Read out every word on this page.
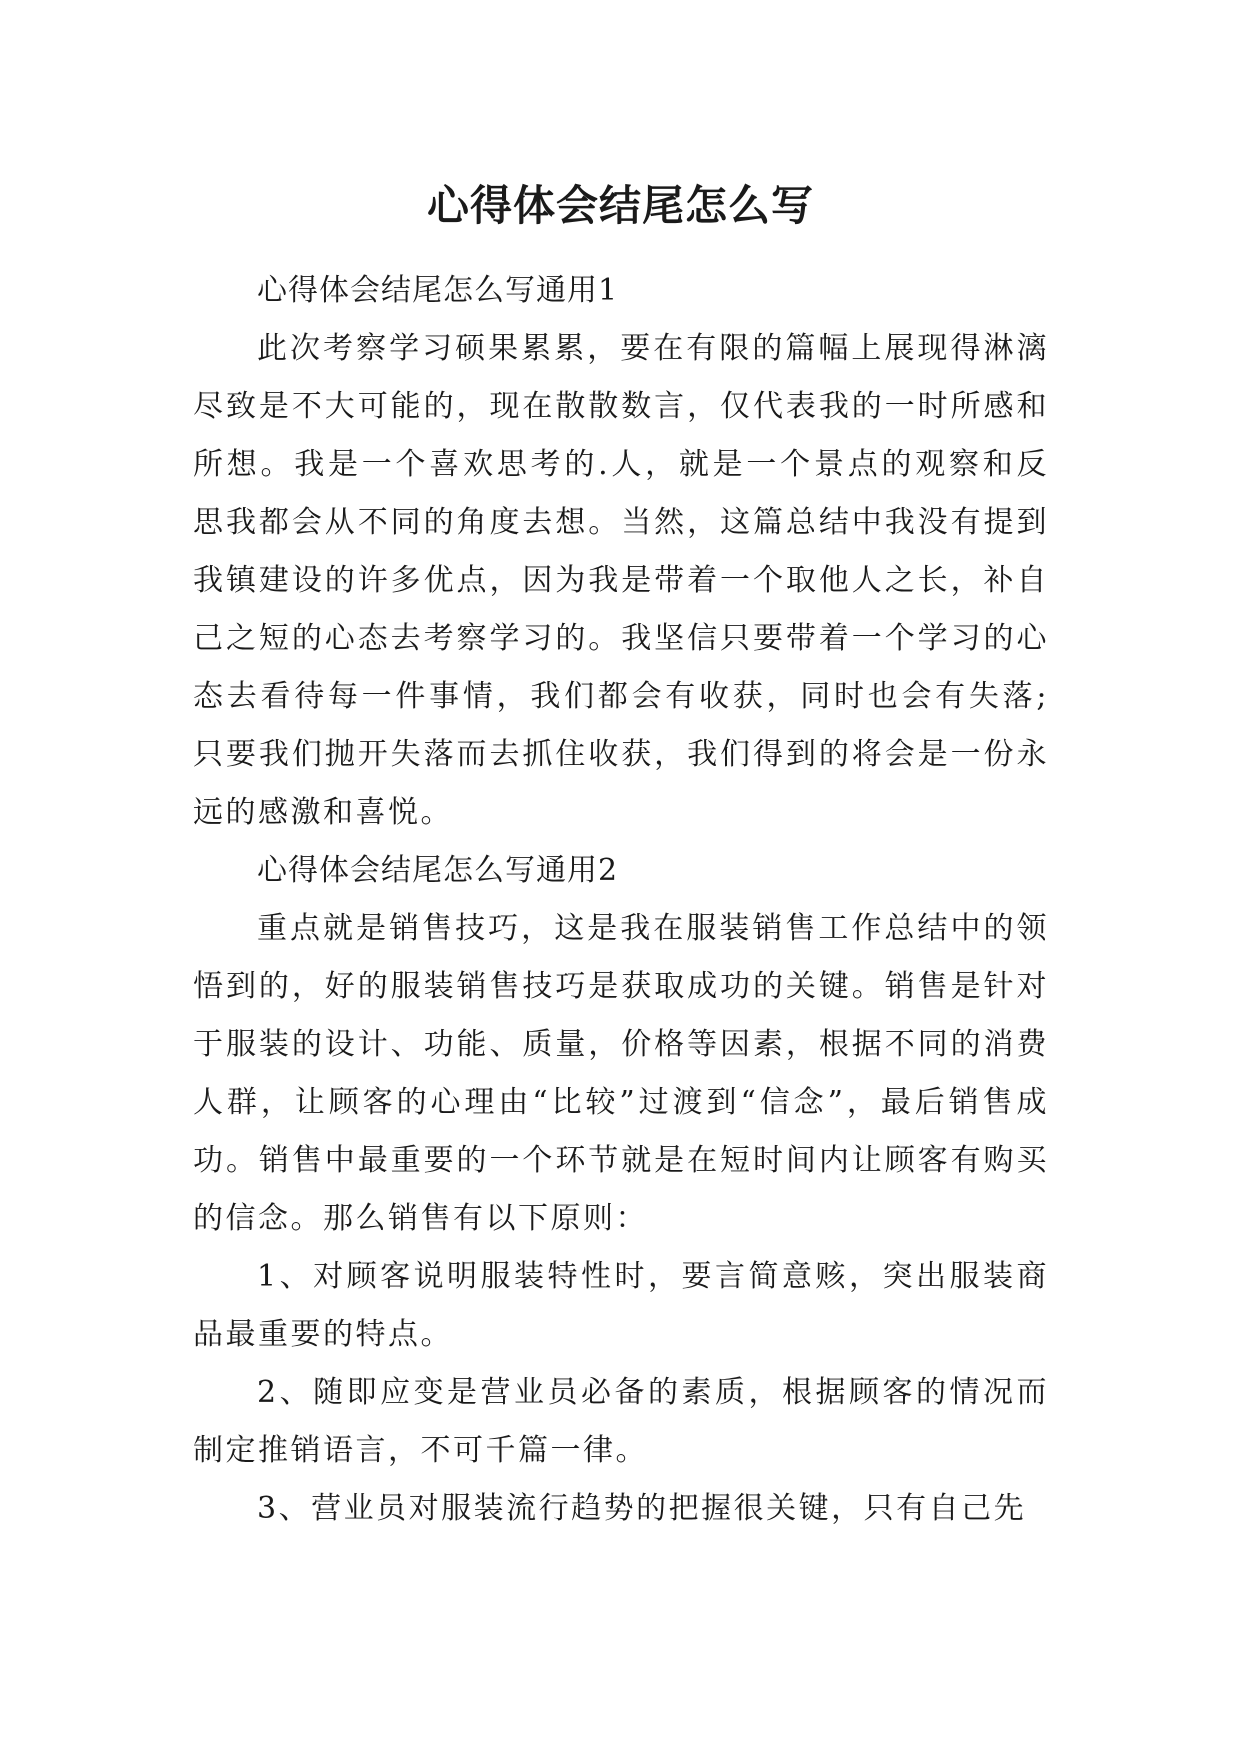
心得体会结尾怎么写

心得体会结尾怎么写通用1

此次考察学习硕果累累，要在有限的篇幅上展现得淋漓尽致是不大可能的，现在散散数言，仅代表我的一时所感和所想。我是一个喜欢思考的.人，就是一个景点的观察和反思我都会从不同的角度去想。当然，这篇总结中我没有提到我镇建设的许多优点，因为我是带着一个取他人之长，补自己之短的心态去考察学习的。我坚信只要带着一个学习的心态去看待每一件事情，我们都会有收获，同时也会有失落;只要我们抛开失落而去抓住收获，我们得到的将会是一份永远的感激和喜悦。

心得体会结尾怎么写通用2

重点就是销售技巧，这是我在服装销售工作总结中的领悟到的，好的服装销售技巧是获取成功的关键。销售是针对于服装的设计、功能、质量，价格等因素，根据不同的消费人群，让顾客的心理由“比较”过渡到“信念”，最后销售成功。销售中最重要的一个环节就是在短时间内让顾客有购买的信念。那么销售有以下原则：

1、对顾客说明服装特性时，要言简意赅，突出服装商品最重要的特点。

2、随即应变是营业员必备的素质，根据顾客的情况而制定推销语言，不可千篇一律。

3、营业员对服装流行趋势的把握很关键，只有自己先
